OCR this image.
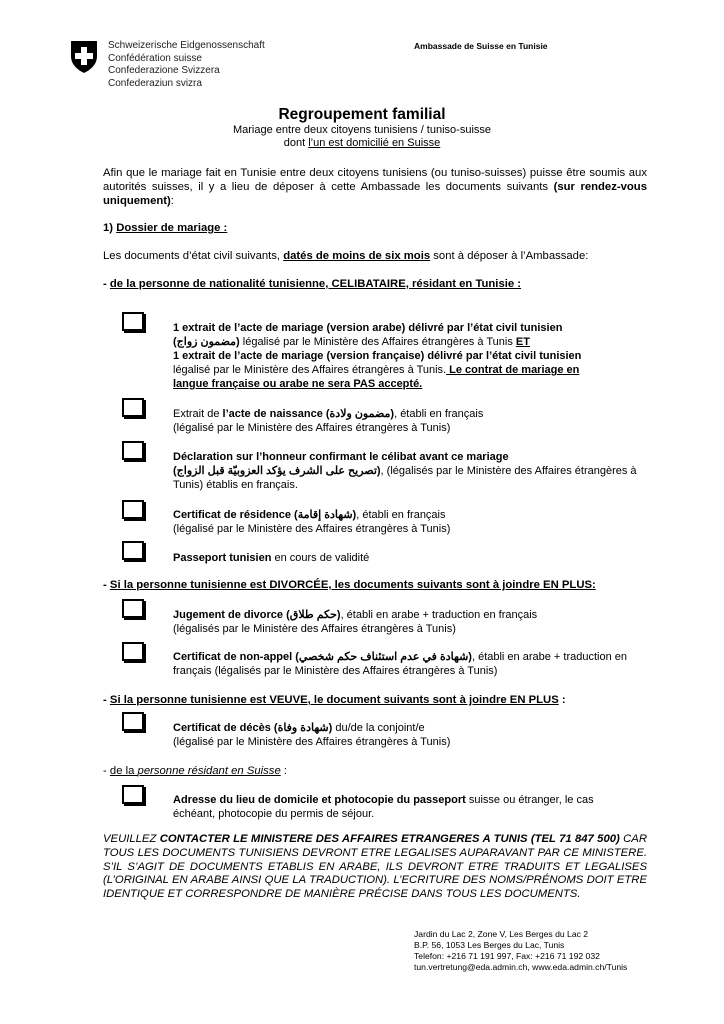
Schweizerische Eidgenossenschaft
Confédération suisse
Confederazione Svizzera
Confederaziun svizra
Ambassade de Suisse en Tunisie
Regroupement familial
Mariage entre deux citoyens tunisiens / tuniso-suisse
dont l’un est domicilié en Suisse
Afin que le mariage fait en Tunisie entre deux citoyens tunisiens (ou tuniso-suisses) puisse être soumis aux autorités suisses, il y a lieu de déposer à cette Ambassade les documents suivants (sur rendez-vous uniquement):
1) Dossier de mariage :
Les documents d’état civil suivants, datés de moins de six mois sont à déposer à l’Ambassade:
- de la personne de nationalité tunisienne, CELIBATAIRE, résidant en Tunisie :
1 extrait de l’acte de mariage (version arabe) délivré par l’état civil tunisien
(مضمون زواج) légalisé par le Ministère des Affaires étrangères à Tunis ET
1 extrait de l’acte de mariage (version française) délivré par l’état civil tunisien
légalisé par le Ministère des Affaires étrangères à Tunis. Le contrat de mariage en
langue française ou arabe ne sera PAS accepté.
Extrait de l’acte de naissance (مضمون ولادة), établi en français
(légalisé par le Ministère des Affaires étrangères à Tunis)
Déclaration sur l’honneur confirmant le célibat avant ce mariage
(تصريح على الشرف يؤكد العزوبيّة قبل الزواج), (légalisés par le Ministère des Affaires étrangères à
Tunis) établis en français.
Certificat de résidence (شهادة إقامة), établi en français
(légalisé par le Ministère des Affaires étrangères à Tunis)
Passeport tunisien en cours de validité
- Si la personne tunisienne est DIVORCÉE, les documents suivants sont à joindre EN PLUS:
Jugement de divorce (حكم طلاق), établi en arabe + traduction en français
(légalisés par le Ministère des Affaires étrangères à Tunis)
Certificat de non-appel (شهادة في عدم استئناف حكم شخصي), établi en arabe + traduction en
français (légalisés par le Ministère des Affaires étrangères à Tunis)
- Si la personne tunisienne est VEUVE, le document suivants sont à joindre EN PLUS :
Certificat de décès (شهادة وفاة) du/de la conjoint/e
(légalisé par le Ministère des Affaires étrangères à Tunis)
- de la personne résidant en Suisse :
Adresse du lieu de domicile et photocopie du passeport suisse ou étranger, le cas
échéant, photocopie du permis de séjour.
VEUILLEZ CONTACTER LE MINISTERE DES AFFAIRES ETRANGERES A TUNIS (TEL 71 847 500) CAR TOUS LES DOCUMENTS TUNISIENS DEVRONT ETRE LEGALISES AUPARAVANT PAR CE MINISTERE. S’IL S’AGIT DE DOCUMENTS ETABLIS EN ARABE, ILS DEVRONT ETRE TRADUITS ET LEGALISES (L’ORIGINAL EN ARABE AINSI QUE LA TRADUCTION). L’ECRITURE DES NOMS/PRÉNOMS DOIT ETRE IDENTIQUE ET CORRESPONDRE DE MANIÈRE PRÉCISE DANS TOUS LES DOCUMENTS.
Jardin du Lac 2, Zone V, Les Berges du Lac 2
B.P. 56, 1053 Les Berges du Lac, Tunis
Telefon: +216 71 191 997, Fax: +216 71 192 032
tun.vertretung@eda.admin.ch, www.eda.admin.ch/Tunis
